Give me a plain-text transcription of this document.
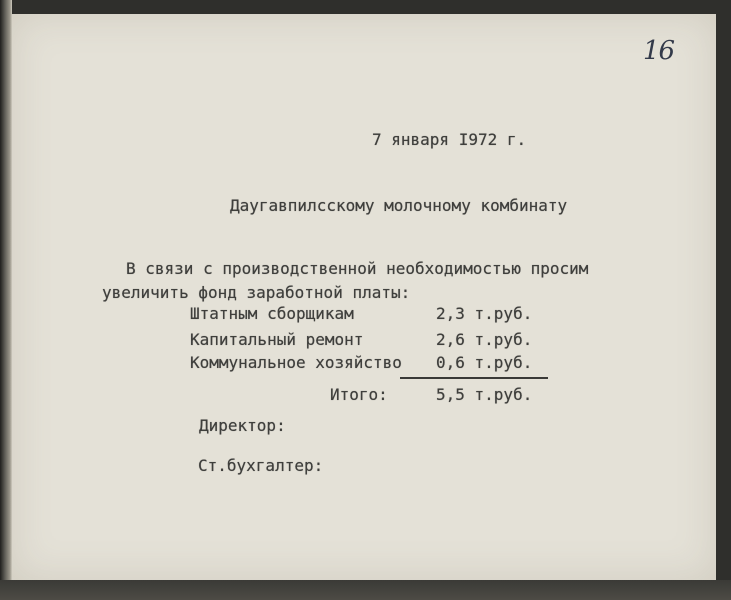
16
7 января I972 г.
Даугавпилсскому молочному комбинату
В связи с производственной необходимостью просим
увеличить фонд заработной платы:
Штатным сборщикам	2,3 т.руб.
Капитальный ремонт	2,6 т.руб.
Коммунальное хозяйство 0,6 т.руб.
Итого:	5,5 т.руб.
Директор:
Ст.бухгалтер:
